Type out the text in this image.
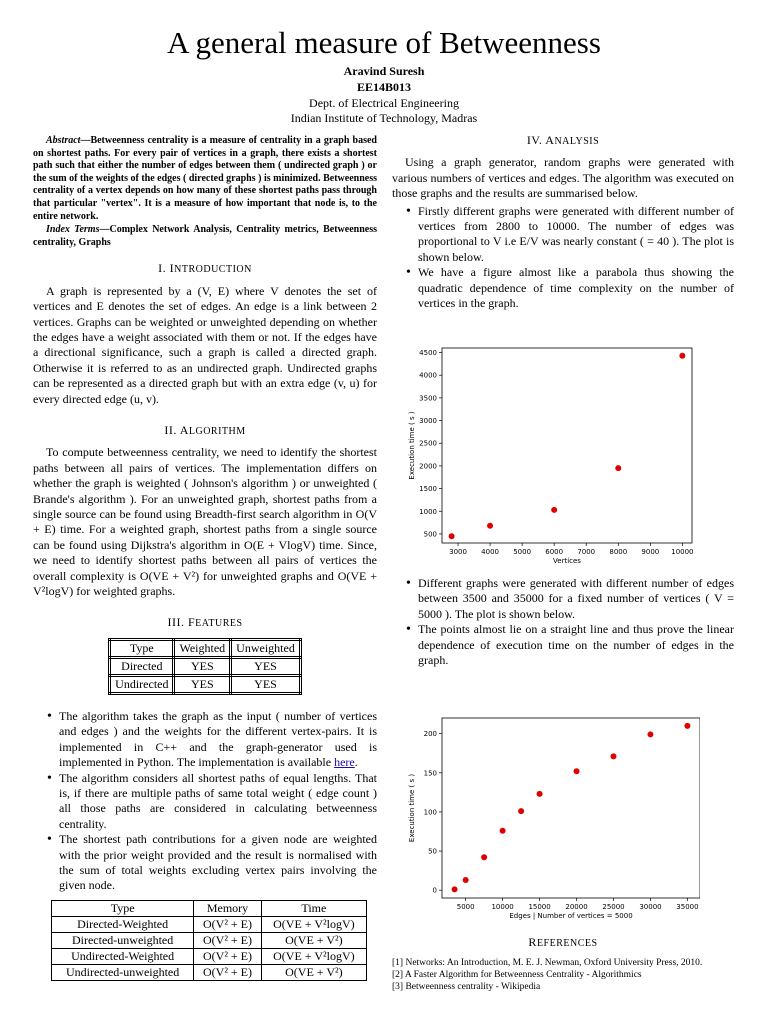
A general measure of Betweenness
Aravind Suresh
EE14B013
Dept. of Electrical Engineering
Indian Institute of Technology, Madras
Abstract—Betweenness centrality is a measure of centrality in a graph based on shortest paths. For every pair of vertices in a graph, there exists a shortest path such that either the number of edges between them ( undirected graph ) or the sum of the weights of the edges ( directed graphs ) is minimized. Betweenness centrality of a vertex depends on how many of these shortest paths pass through that particular "vertex". It is a measure of how important that node is, to the entire network.
Index Terms—Complex Network Analysis, Centrality metrics, Betweenness centrality, Graphs
I. INTRODUCTION

A graph is represented by a (V, E) where V denotes the set of vertices and E denotes the set of edges. An edge is a link between 2 vertices. Graphs can be weighted or unweighted depending on whether the edges have a weight associated with them or not. If the edges have a directional significance, such a graph is called a directed graph. Otherwise it is referred to as an undirected graph. Undirected graphs can be represented as a directed graph but with an extra edge (v, u) for every directed edge (u, v).

II. ALGORITHM

To compute betweenness centrality, we need to identify the shortest paths between all pairs of vertices. The implementation differs on whether the graph is weighted ( Johnson's algorithm ) or unweighted ( Brande's algorithm ). For an unweighted graph, shortest paths from a single source can be found using Breadth-first search algorithm in O(V + E) time. For a weighted graph, shortest paths from a single source can be found using Dijkstra's algorithm in O(E + VlogV) time. Since, we need to identify shortest paths between all pairs of vertices the overall complexity is O(VE + V²) for unweighted graphs and O(VE + V²logV) for weighted graphs.

III. FEATURES
Type	Weighted	Unweighted
Directed	YES	YES
Undirected	YES	YES
• The algorithm takes the graph as the input ( number of vertices and edges ) and the weights for the different vertex-pairs. It is implemented in C++ and the graph-generator used is implemented in Python. The implementation is available here.
• The algorithm considers all shortest paths of equal lengths. That is, if there are multiple paths of same total weight ( edge count ) all those paths are considered in calculating betweenness centrality.
• The shortest path contributions for a given node are weighted with the prior weight provided and the result is normalised with the sum of total weights excluding vertex pairs involving the given node.
Type	Memory	Time
Directed-Weighted	O(V² + E)	O(VE + V²logV)
Directed-unweighted	O(V² + E)	O(VE + V²)
Undirected-Weighted	O(V² + E)	O(VE + V²logV)
Undirected-unweighted	O(V² + E)	O(VE + V²)
IV. ANALYSIS

Using a graph generator, random graphs were generated with various numbers of vertices and edges. The algorithm was executed on those graphs and the results are summarised below.

• Firstly different graphs were generated with different number of vertices from 2800 to 10000. The number of edges was proportional to V i.e E/V was nearly constant ( = 40 ). The plot is shown below.
• We have a figure almost like a parabola thus showing the quadratic dependence of time complexity on the number of vertices in the graph.
3000 4000 5000 6000 7000 8000 9000 10000
500
1000
1500
2000
2500
3000
3500
4000
4500
Vertices
Execution time ( s )
• Different graphs were generated with different number of edges between 3500 and 35000 for a fixed number of vertices ( V = 5000 ). The plot is shown below.
• The points almost lie on a straight line and thus prove the linear dependence of execution time on the number of edges in the graph.
5000 10000 15000 20000 25000 30000 35000
0
50
100
150
200
Edges | Number of vertices = 5000
Execution time ( s )
REFERENCES
[1] Networks: An Introduction, M. E. J. Newman, Oxford University Press, 2010.
[2] A Faster Algorithm for Betweenness Centrality - Algorithmics
[3] Betweenness centrality - Wikipedia
